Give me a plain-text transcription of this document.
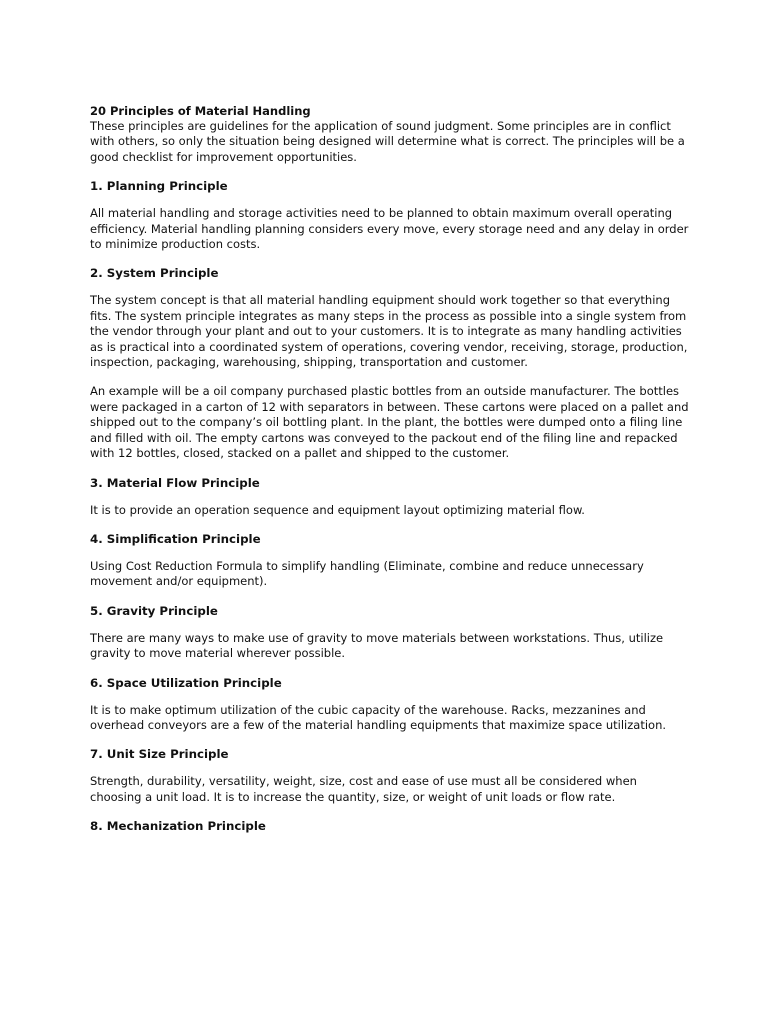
20 Principles of Material Handling

These principles are guidelines for the application of sound judgment. Some principles are in conflict with others, so only the situation being designed will determine what is correct. The principles will be a good checklist for improvement opportunities.

1. Planning Principle

All material handling and storage activities need to be planned to obtain maximum overall operating efficiency. Material handling planning considers every move, every storage need and any delay in order to minimize production costs.

2. System Principle

The system concept is that all material handling equipment should work together so that everything fits. The system principle integrates as many steps in the process as possible into a single system from the vendor through your plant and out to your customers. It is to integrate as many handling activities as is practical into a coordinated system of operations, covering vendor, receiving, storage, production, inspection, packaging, warehousing, shipping, transportation and customer.

An example will be a oil company purchased plastic bottles from an outside manufacturer. The bottles were packaged in a carton of 12 with separators in between. These cartons were placed on a pallet and shipped out to the company’s oil bottling plant. In the plant, the bottles were dumped onto a filing line and filled with oil. The empty cartons was conveyed to the packout end of the filing line and repacked with 12 bottles, closed, stacked on a pallet and shipped to the customer.

3. Material Flow Principle

It is to provide an operation sequence and equipment layout optimizing material flow.

4. Simplification Principle

Using Cost Reduction Formula to simplify handling (Eliminate, combine and reduce unnecessary movement and/or equipment).

5. Gravity Principle

There are many ways to make use of gravity to move materials between workstations. Thus, utilize gravity to move material wherever possible.

6. Space Utilization Principle

It is to make optimum utilization of the cubic capacity of the warehouse. Racks, mezzanines and overhead conveyors are a few of the material handling equipments that maximize space utilization.

7. Unit Size Principle

Strength, durability, versatility, weight, size, cost and ease of use must all be considered when choosing a unit load. It is to increase the quantity, size, or weight of unit loads or flow rate.

8. Mechanization Principle
